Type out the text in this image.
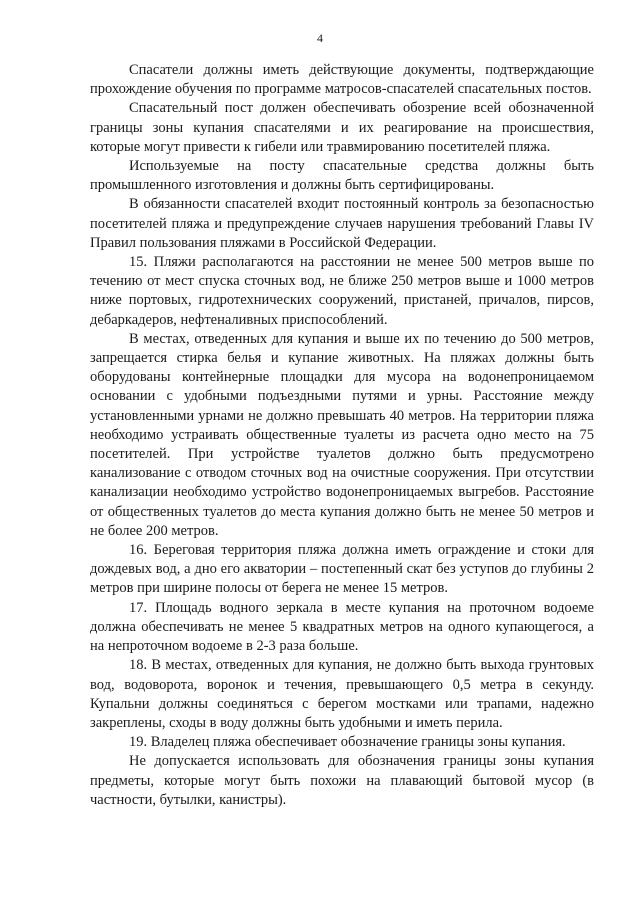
4

Спасатели должны иметь действующие документы, подтверждающие прохождение обучения по программе матросов-спасателей спасательных постов.

Спасательный пост должен обеспечивать обозрение всей обозначенной границы зоны купания спасателями и их реагирование на происшествия, которые могут привести к гибели или травмированию посетителей пляжа.

Используемые на посту спасательные средства должны быть промышленного изготовления и должны быть сертифицированы.

В обязанности спасателей входит постоянный контроль за безопасностью посетителей пляжа и предупреждение случаев нарушения требований Главы IV Правил пользования пляжами в Российской Федерации.

15. Пляжи располагаются на расстоянии не менее 500 метров выше по течению от мест спуска сточных вод, не ближе 250 метров выше и 1000 метров ниже портовых, гидротехнических сооружений, пристаней, причалов, пирсов, дебаркадеров, нефтеналивных приспособлений.

В местах, отведенных для купания и выше их по течению до 500 метров, запрещается стирка белья и купание животных. На пляжах должны быть оборудованы контейнерные площадки для мусора на водонепроницаемом основании с удобными подъездными путями и урны. Расстояние между установленными урнами не должно превышать 40 метров. На территории пляжа необходимо устраивать общественные туалеты из расчета одно место на 75 посетителей. При устройстве туалетов должно быть предусмотрено канализование с отводом сточных вод на очистные сооружения. При отсутствии канализации необходимо устройство водонепроницаемых выгребов. Расстояние от общественных туалетов до места купания должно быть не менее 50 метров и не более 200 метров.

16. Береговая территория пляжа должна иметь ограждение и стоки для дождевых вод, а дно его акватории – постепенный скат без уступов до глубины 2 метров при ширине полосы от берега не менее 15 метров.

17. Площадь водного зеркала в месте купания на проточном водоеме должна обеспечивать не менее 5 квадратных метров на одного купающегося, а на непроточном водоеме в 2-3 раза больше.

18. В местах, отведенных для купания, не должно быть выхода грунтовых вод, водоворота, воронок и течения, превышающего 0,5 метра в секунду. Купальни должны соединяться с берегом мостками или трапами, надежно закреплены, сходы в воду должны быть удобными и иметь перила.

19. Владелец пляжа обеспечивает обозначение границы зоны купания.

Не допускается использовать для обозначения границы зоны купания предметы, которые могут быть похожи на плавающий бытовой мусор (в частности, бутылки, канистры).
